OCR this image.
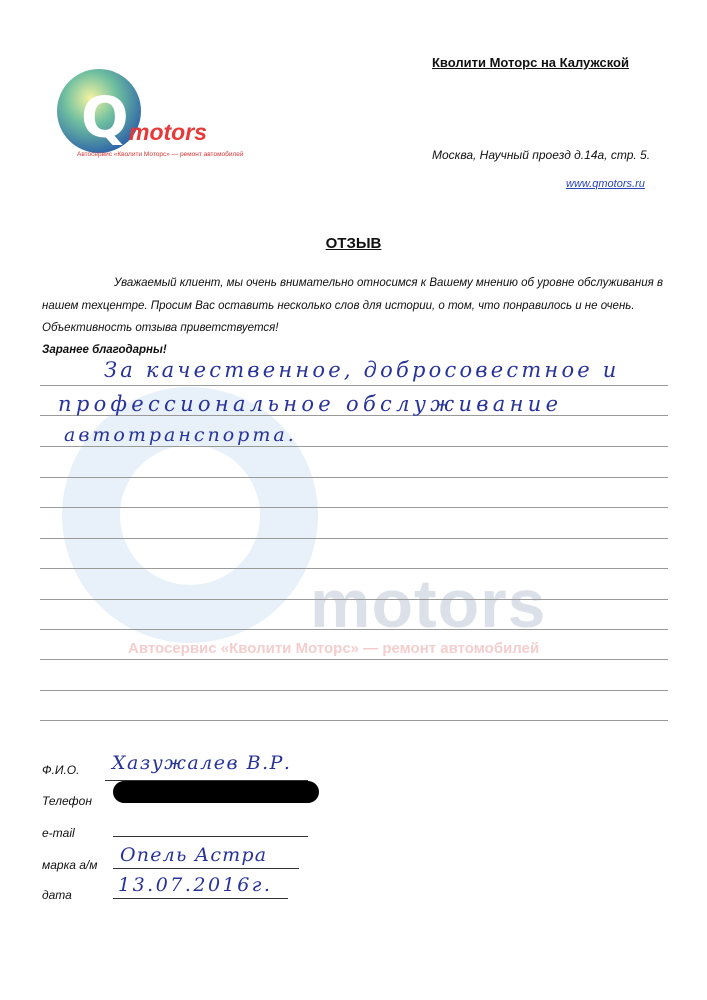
Q motors
Автосервис «Кволити Моторс» — ремонт автомобилей
motors
Автосервис «Кволити Моторс» — ремонт автомобилей
Кволити Моторс на Калужской
Москва, Научный проезд д.14а, стр. 5.
www.qmotors.ru
ОТЗЫВ
Уважаемый клиент, мы очень внимательно относимся к Вашему мнению об уровне обслуживания в нашем техцентре. Просим Вас оставить несколько слов для истории, о том, что понравилось и не очень. Объективность отзыва приветствуется!
Заранее благодарны!
За качественное, добросовестное и
профессиональное обслуживание
автотранспорта.
Ф.И.О. Хазужалев В.Р.
Телефон
e-mail
марка а/м Опель Астра
дата 13.07.2016г.
